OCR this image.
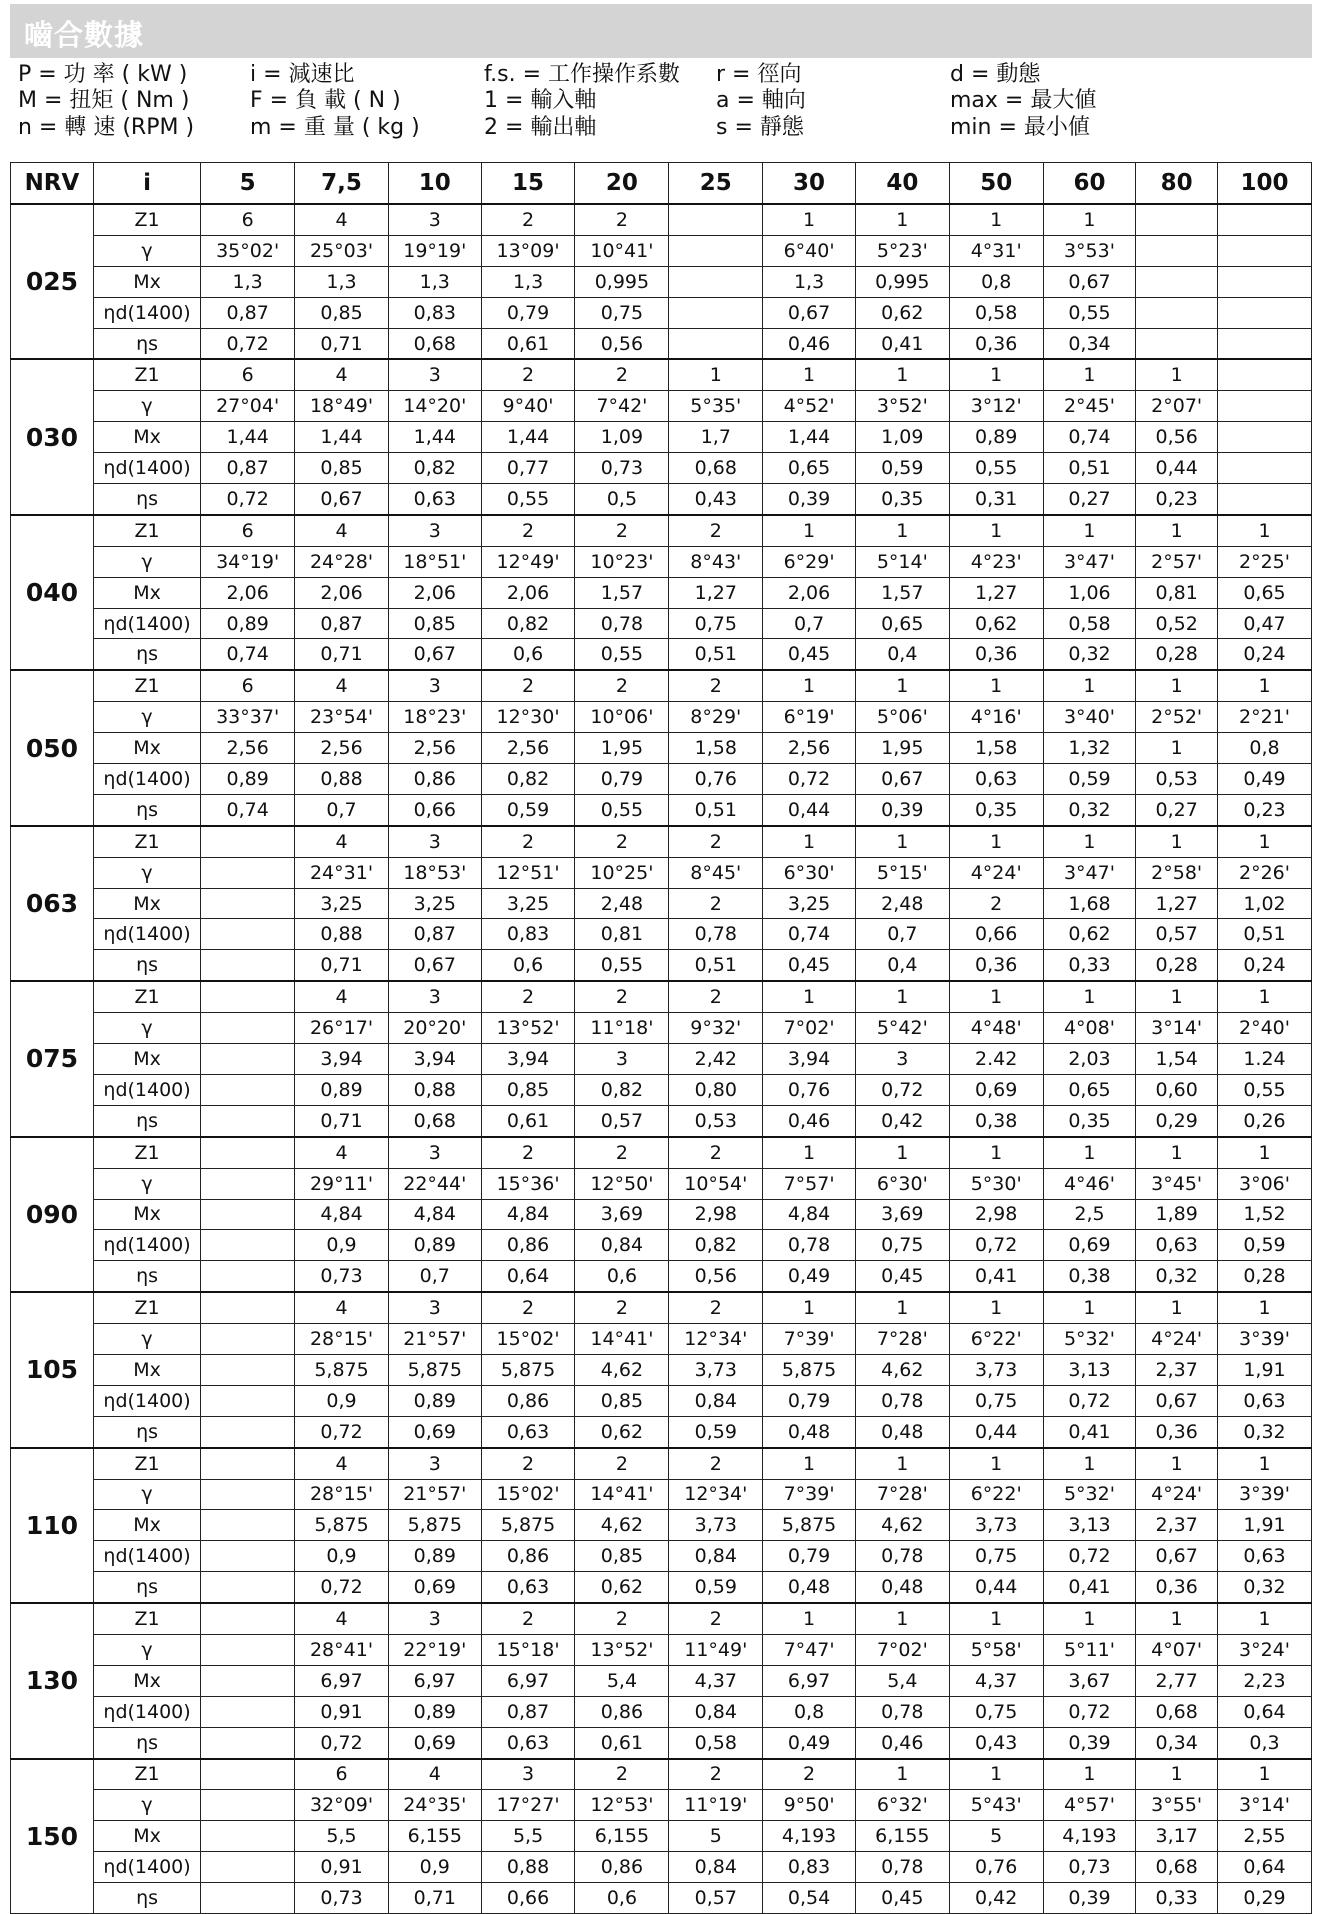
嚙合數據
P = 功 率 ( kW )
M = 扭矩 ( Nm )
n = 轉 速 (RPM )
i = 減速比
F = 負 載 ( N )
m = 重 量 ( kg )
f.s. = 工作操作系數
1 = 輸入軸
2 = 輸出軸
r = 徑向
a = 軸向
s = 靜態
d = 動態
max = 最大値
min = 最小値
NRV	i	5	7,5	10	15	20	25	30	40	50	60	80	100
025	Z1	6	4	3	2	2		1	1	1	1		
	γ	35°02'	25°03'	19°19'	13°09'	10°41'		6°40'	5°23'	4°31'	3°53'		
	Mx	1,3	1,3	1,3	1,3	0,995		1,3	0,995	0,8	0,67		
	ηd(1400)	0,87	0,85	0,83	0,79	0,75		0,67	0,62	0,58	0,55		
	ηs	0,72	0,71	0,68	0,61	0,56		0,46	0,41	0,36	0,34		
030	Z1	6	4	3	2	2	1	1	1	1	1	1	
	γ	27°04'	18°49'	14°20'	9°40'	7°42'	5°35'	4°52'	3°52'	3°12'	2°45'	2°07'	
	Mx	1,44	1,44	1,44	1,44	1,09	1,7	1,44	1,09	0,89	0,74	0,56	
	ηd(1400)	0,87	0,85	0,82	0,77	0,73	0,68	0,65	0,59	0,55	0,51	0,44	
	ηs	0,72	0,67	0,63	0,55	0,5	0,43	0,39	0,35	0,31	0,27	0,23	
040	Z1	6	4	3	2	2	2	1	1	1	1	1	1
	γ	34°19'	24°28'	18°51'	12°49'	10°23'	8°43'	6°29'	5°14'	4°23'	3°47'	2°57'	2°25'
	Mx	2,06	2,06	2,06	2,06	1,57	1,27	2,06	1,57	1,27	1,06	0,81	0,65
	ηd(1400)	0,89	0,87	0,85	0,82	0,78	0,75	0,7	0,65	0,62	0,58	0,52	0,47
	ηs	0,74	0,71	0,67	0,6	0,55	0,51	0,45	0,4	0,36	0,32	0,28	0,24
050	Z1	6	4	3	2	2	2	1	1	1	1	1	1
	γ	33°37'	23°54'	18°23'	12°30'	10°06'	8°29'	6°19'	5°06'	4°16'	3°40'	2°52'	2°21'
	Mx	2,56	2,56	2,56	2,56	1,95	1,58	2,56	1,95	1,58	1,32	1	0,8
	ηd(1400)	0,89	0,88	0,86	0,82	0,79	0,76	0,72	0,67	0,63	0,59	0,53	0,49
	ηs	0,74	0,7	0,66	0,59	0,55	0,51	0,44	0,39	0,35	0,32	0,27	0,23
063	Z1		4	3	2	2	2	1	1	1	1	1	1
	γ		24°31'	18°53'	12°51'	10°25'	8°45'	6°30'	5°15'	4°24'	3°47'	2°58'	2°26'
	Mx		3,25	3,25	3,25	2,48	2	3,25	2,48	2	1,68	1,27	1,02
	ηd(1400)		0,88	0,87	0,83	0,81	0,78	0,74	0,7	0,66	0,62	0,57	0,51
	ηs		0,71	0,67	0,6	0,55	0,51	0,45	0,4	0,36	0,33	0,28	0,24
075	Z1		4	3	2	2	2	1	1	1	1	1	1
	γ		26°17'	20°20'	13°52'	11°18'	9°32'	7°02'	5°42'	4°48'	4°08'	3°14'	2°40'
	Mx		3,94	3,94	3,94	3	2,42	3,94	3	2.42	2,03	1,54	1.24
	ηd(1400)		0,89	0,88	0,85	0,82	0,80	0,76	0,72	0,69	0,65	0,60	0,55
	ηs		0,71	0,68	0,61	0,57	0,53	0,46	0,42	0,38	0,35	0,29	0,26
090	Z1		4	3	2	2	2	1	1	1	1	1	1
	γ		29°11'	22°44'	15°36'	12°50'	10°54'	7°57'	6°30'	5°30'	4°46'	3°45'	3°06'
	Mx		4,84	4,84	4,84	3,69	2,98	4,84	3,69	2,98	2,5	1,89	1,52
	ηd(1400)		0,9	0,89	0,86	0,84	0,82	0,78	0,75	0,72	0,69	0,63	0,59
	ηs		0,73	0,7	0,64	0,6	0,56	0,49	0,45	0,41	0,38	0,32	0,28
105	Z1		4	3	2	2	2	1	1	1	1	1	1
	γ		28°15'	21°57'	15°02'	14°41'	12°34'	7°39'	7°28'	6°22'	5°32'	4°24'	3°39'
	Mx		5,875	5,875	5,875	4,62	3,73	5,875	4,62	3,73	3,13	2,37	1,91
	ηd(1400)		0,9	0,89	0,86	0,85	0,84	0,79	0,78	0,75	0,72	0,67	0,63
	ηs		0,72	0,69	0,63	0,62	0,59	0,48	0,48	0,44	0,41	0,36	0,32
110	Z1		4	3	2	2	2	1	1	1	1	1	1
	γ		28°15'	21°57'	15°02'	14°41'	12°34'	7°39'	7°28'	6°22'	5°32'	4°24'	3°39'
	Mx		5,875	5,875	5,875	4,62	3,73	5,875	4,62	3,73	3,13	2,37	1,91
	ηd(1400)		0,9	0,89	0,86	0,85	0,84	0,79	0,78	0,75	0,72	0,67	0,63
	ηs		0,72	0,69	0,63	0,62	0,59	0,48	0,48	0,44	0,41	0,36	0,32
130	Z1		4	3	2	2	2	1	1	1	1	1	1
	γ		28°41'	22°19'	15°18'	13°52'	11°49'	7°47'	7°02'	5°58'	5°11'	4°07'	3°24'
	Mx		6,97	6,97	6,97	5,4	4,37	6,97	5,4	4,37	3,67	2,77	2,23
	ηd(1400)		0,91	0,89	0,87	0,86	0,84	0,8	0,78	0,75	0,72	0,68	0,64
	ηs		0,72	0,69	0,63	0,61	0,58	0,49	0,46	0,43	0,39	0,34	0,3
150	Z1		6	4	3	2	2	2	1	1	1	1	1
	γ		32°09'	24°35'	17°27'	12°53'	11°19'	9°50'	6°32'	5°43'	4°57'	3°55'	3°14'
	Mx		5,5	6,155	5,5	6,155	5	4,193	6,155	5	4,193	3,17	2,55
	ηd(1400)		0,91	0,9	0,88	0,86	0,84	0,83	0,78	0,76	0,73	0,68	0,64
	ηs		0,73	0,71	0,66	0,6	0,57	0,54	0,45	0,42	0,39	0,33	0,29
